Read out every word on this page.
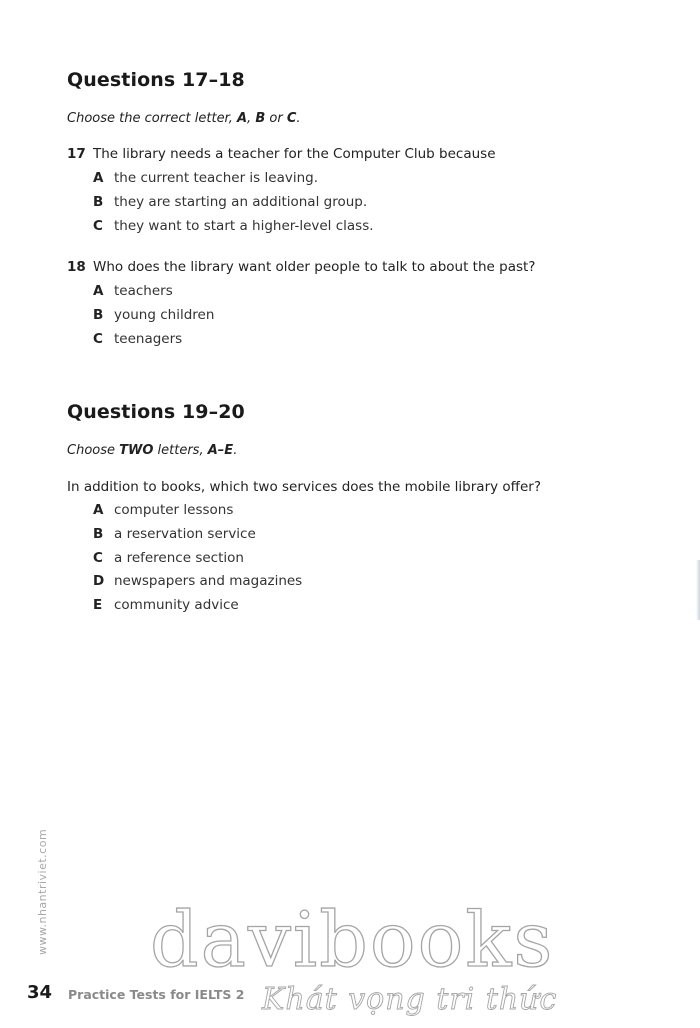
Questions 17–18

Choose the correct letter, A, B or C.

17 The library needs a teacher for the Computer Club because

A the current teacher is leaving.

B they are starting an additional group.

C they want to start a higher-level class.

18 Who does the library want older people to talk to about the past?

A teachers

B young children

C teenagers

Questions 19–20

Choose TWO letters, A–E.

In addition to books, which two services does the mobile library offer?

A computer lessons

B a reservation service

C a reference section

D newspapers and magazines

E community advice

www.nhantriviet.com
34 Practice Tests for IELTS 2
davibooks
Khát vọng tri thức
